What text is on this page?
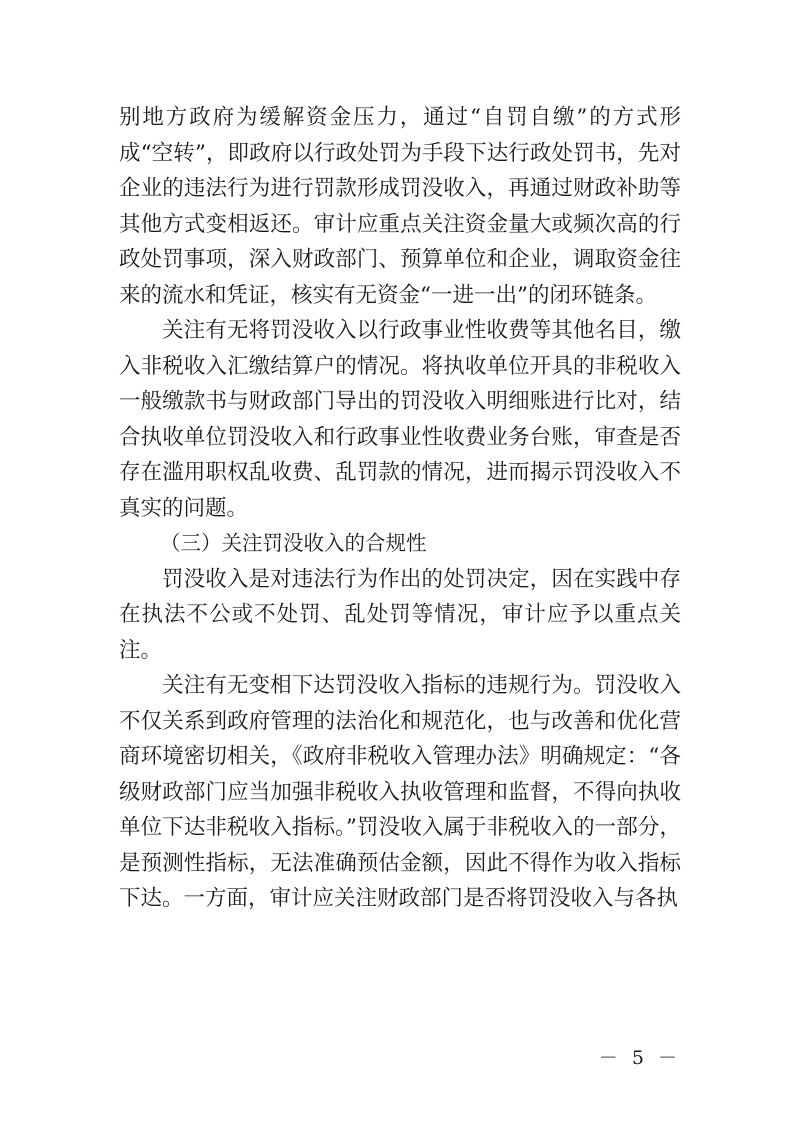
别地方政府为缓解资金压力，通过“自罚自缴”的方式形成“空转”，即政府以行政处罚为手段下达行政处罚书，先对企业的违法行为进行罚款形成罚没收入，再通过财政补助等其他方式变相返还。审计应重点关注资金量大或频次高的行政处罚事项，深入财政部门、预算单位和企业，调取资金往来的流水和凭证，核实有无资金“一进一出”的闭环链条。

关注有无将罚没收入以行政事业性收费等其他名目，缴入非税收入汇缴结算户的情况。将执收单位开具的非税收入一般缴款书与财政部门导出的罚没收入明细账进行比对，结合执收单位罚没收入和行政事业性收费业务台账，审查是否存在滥用职权乱收费、乱罚款的情况，进而揭示罚没收入不真实的问题。

（三）关注罚没收入的合规性

罚没收入是对违法行为作出的处罚决定，因在实践中存在执法不公或不处罚、乱处罚等情况，审计应予以重点关注。

关注有无变相下达罚没收入指标的违规行为。罚没收入不仅关系到政府管理的法治化和规范化，也与改善和优化营商环境密切相关，《政府非税收入管理办法》明确规定：“各级财政部门应当加强非税收入执收管理和监督，不得向执收单位下达非税收入指标。”罚没收入属于非税收入的一部分，是预测性指标，无法准确预估金额，因此不得作为收入指标下达。一方面，审计应关注财政部门是否将罚没收入与各执

－ 5 －
